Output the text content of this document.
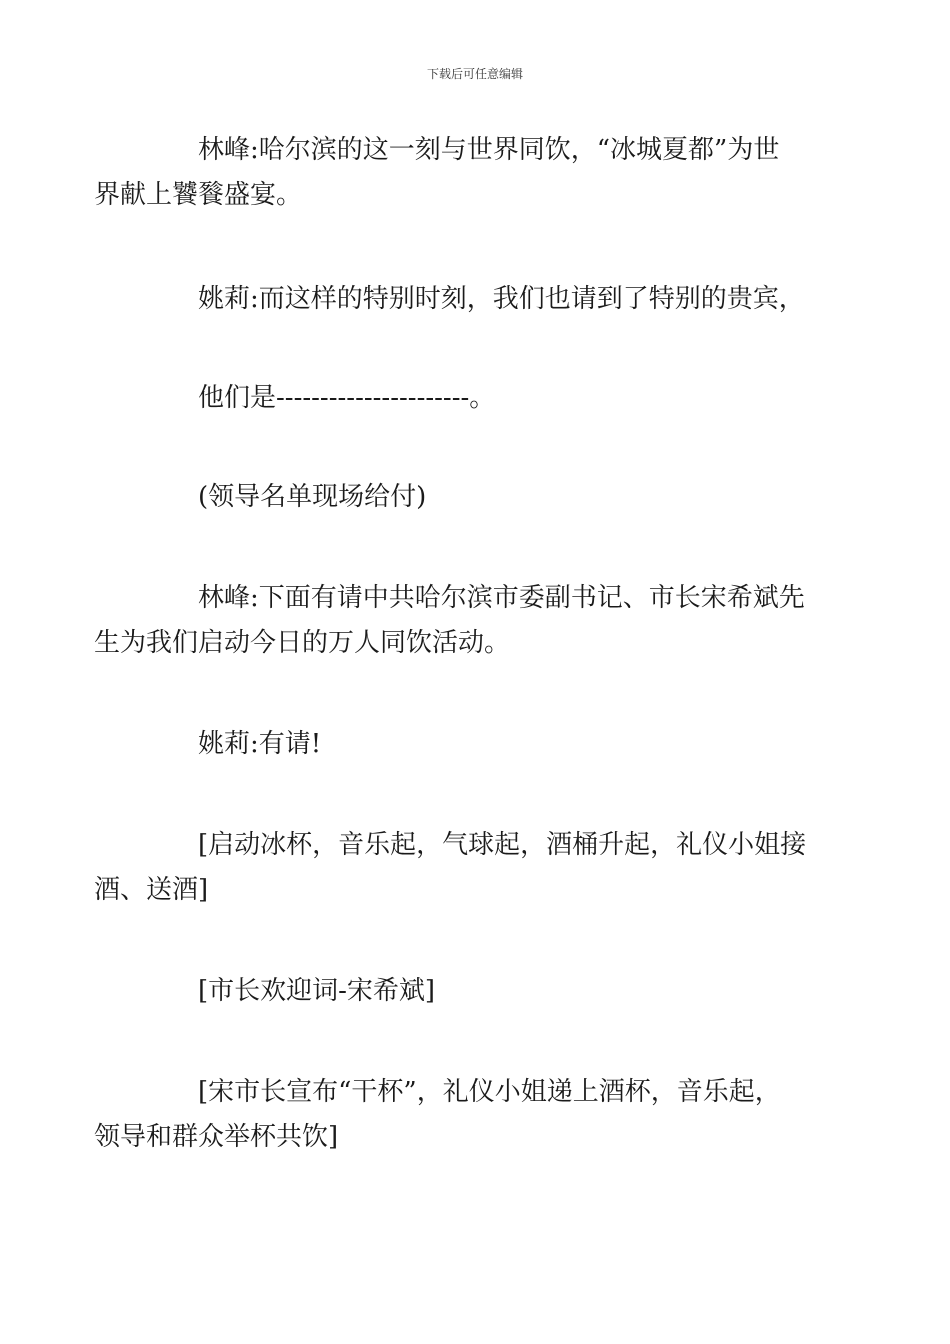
下载后可任意编辑
林峰:哈尔滨的这一刻与世界同饮，“冰城夏都”为世
界献上饕餮盛宴。
姚莉:而这样的特别时刻，我们也请到了特别的贵宾，
他们是----------------------。
(领导名单现场给付)
林峰:下面有请中共哈尔滨市委副书记、市长宋希斌先
生为我们启动今日的万人同饮活动。
姚莉:有请!
[启动冰杯，音乐起，气球起，酒桶升起，礼仪小姐接
酒、送酒]
[市长欢迎词-宋希斌]
[宋市长宣布“干杯”，礼仪小姐递上酒杯，音乐起，
领导和群众举杯共饮]
